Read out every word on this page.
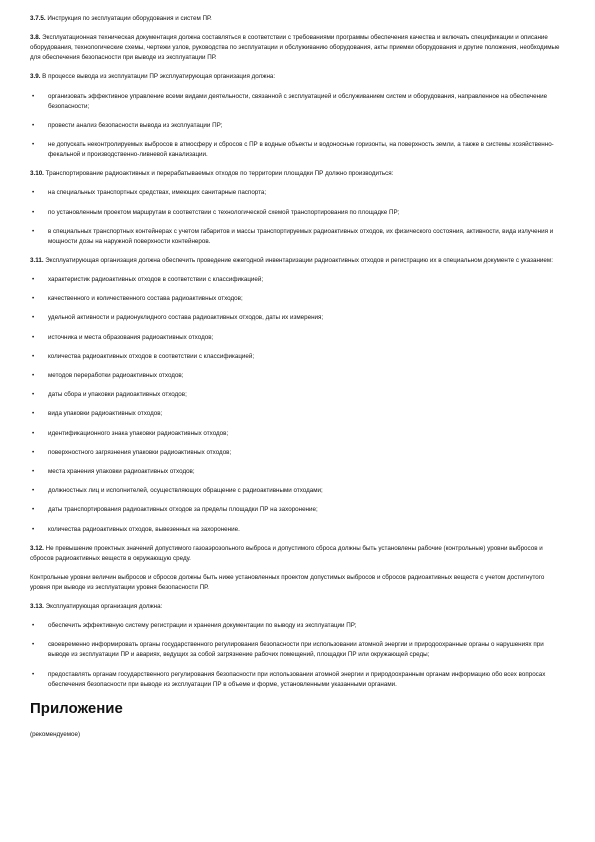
3.7.5. Инструкция по эксплуатации оборудования и систем ПР.

3.8. Эксплуатационная техническая документация должна составляться в соответствии с требованиями программы обеспечения качества и включать спецификации и описание оборудования, технологические схемы, чертежи узлов, руководства по эксплуатации и обслуживанию оборудования, акты приемки оборудования и другие положения, необходимые для обеспечения безопасности при выводе из эксплуатации ПР.

3.9. В процессе вывода из эксплуатации ПР эксплуатирующая организация должна:

•	организовать эффективное управление всеми видами деятельности, связанной с эксплуатацией и обслуживанием систем и оборудования, направленное на обеспечение безопасности;
•	провести анализ безопасности вывода из эксплуатации ПР;
•	не допускать неконтролируемых выбросов в атмосферу и сбросов с ПР в водные объекты и водоносные горизонты, на поверхность земли, а также в системы хозяйственно-фекальной и производственно-ливневой канализации.

3.10. Транспортирование радиоактивных и перерабатываемых отходов по территории площадки ПР должно производиться:

•	на специальных транспортных средствах, имеющих санитарные паспорта;
•	по установленным проектом маршрутам в соответствии с технологической схемой транспортирования по площадке ПР;
•	в специальных транспортных контейнерах с учетом габаритов и массы транспортируемых радиоактивных отходов, их физического состояния, активности, вида излучения и мощности дозы на наружной поверхности контейнеров.

3.11. Эксплуатирующая организация должна обеспечить проведение ежегодной инвентаризации радиоактивных отходов и регистрацию их в специальном документе с указанием:

•	характеристик радиоактивных отходов в соответствии с классификацией;
•	качественного и количественного состава радиоактивных отходов;
•	удельной активности и радионуклидного состава радиоактивных отходов, даты их измерения;
•	источника и места образования радиоактивных отходов;
•	количества радиоактивных отходов в соответствии с классификацией;
•	методов переработки радиоактивных отходов;
•	даты сбора и упаковки радиоактивных отходов;
•	вида упаковки радиоактивных отходов;
•	идентификационного знака упаковки радиоактивных отходов;
•	поверхностного загрязнения упаковки радиоактивных отходов;
•	места хранения упаковки радиоактивных отходов;
•	должностных лиц и исполнителей, осуществляющих обращение с радиоактивными отходами;
•	даты транспортирования радиоактивных отходов за пределы площадки ПР на захоронение;
•	количества радиоактивных отходов, вывезенных на захоронение.

3.12. Не превышение проектных значений допустимого газоаэрозольного выброса и допустимого сброса должны быть установлены рабочие (контрольные) уровни выбросов и сбросов радиоактивных веществ в окружающую среду.

Контрольные уровни величин выбросов и сбросов должны быть ниже установленных проектом допустимых выбросов и сбросов радиоактивных веществ с учетом достигнутого уровня при выводе из эксплуатации уровня безопасности ПР.

3.13. Эксплуатирующая организация должна:

•	обеспечить эффективную систему регистрации и хранения документации по выводу из эксплуатации ПР;
•	своевременно информировать органы государственного регулирования безопасности при использовании атомной энергии и природоохранные органы о нарушениях при выводе из эксплуатации ПР и авариях, ведущих за собой загрязнение рабочих помещений, площадки ПР или окружающей среды;
•	предоставлять органам государственного регулирования безопасности при использовании атомной энергии и природоохранным органам информацию обо всех вопросах обеспечения безопасности при выводе из эксплуатации ПР в объеме и форме, установленными указанными органами.
Приложение

(рекомендуемое)
